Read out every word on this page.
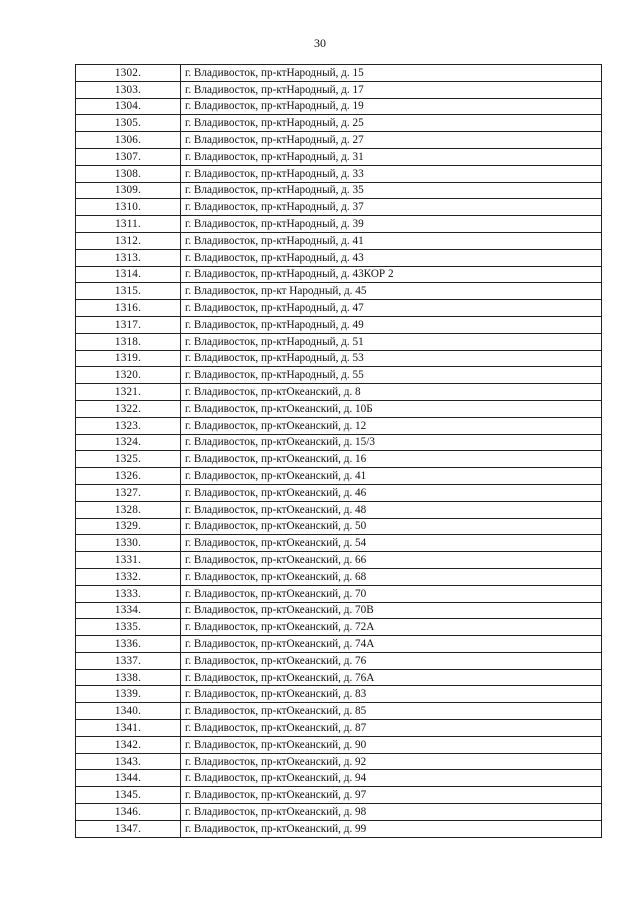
30
1302.	г. Владивосток, пр-ктНародный, д. 15
1303.	г. Владивосток, пр-ктНародный, д. 17
1304.	г. Владивосток, пр-ктНародный, д. 19
1305.	г. Владивосток, пр-ктНародный, д. 25
1306.	г. Владивосток, пр-ктНародный, д. 27
1307.	г. Владивосток, пр-ктНародный, д. 31
1308.	г. Владивосток, пр-ктНародный, д. 33
1309.	г. Владивосток, пр-ктНародный, д. 35
1310.	г. Владивосток, пр-ктНародный, д. 37
1311.	г. Владивосток, пр-ктНародный, д. 39
1312.	г. Владивосток, пр-ктНародный, д. 41
1313.	г. Владивосток, пр-ктНародный, д. 43
1314.	г. Владивосток, пр-ктНародный, д. 43КОР 2
1315.	г. Владивосток, пр-кт Народный, д. 45
1316.	г. Владивосток, пр-ктНародный, д. 47
1317.	г. Владивосток, пр-ктНародный, д. 49
1318.	г. Владивосток, пр-ктНародный, д. 51
1319.	г. Владивосток, пр-ктНародный, д. 53
1320.	г. Владивосток, пр-ктНародный, д. 55
1321.	г. Владивосток, пр-ктОкеанский, д. 8
1322.	г. Владивосток, пр-ктОкеанский, д. 10Б
1323.	г. Владивосток, пр-ктОкеанский, д. 12
1324.	г. Владивосток, пр-ктОкеанский, д. 15/3
1325.	г. Владивосток, пр-ктОкеанский, д. 16
1326.	г. Владивосток, пр-ктОкеанский, д. 41
1327.	г. Владивосток, пр-ктОкеанский, д. 46
1328.	г. Владивосток, пр-ктОкеанский, д. 48
1329.	г. Владивосток, пр-ктОкеанский, д. 50
1330.	г. Владивосток, пр-ктОкеанский, д. 54
1331.	г. Владивосток, пр-ктОкеанский, д. 66
1332.	г. Владивосток, пр-ктОкеанский, д. 68
1333.	г. Владивосток, пр-ктОкеанский, д. 70
1334.	г. Владивосток, пр-ктОкеанский, д. 70В
1335.	г. Владивосток, пр-ктОкеанский, д. 72А
1336.	г. Владивосток, пр-ктОкеанский, д. 74А
1337.	г. Владивосток, пр-ктОкеанский, д. 76
1338.	г. Владивосток, пр-ктОкеанский, д. 76А
1339.	г. Владивосток, пр-ктОкеанский, д. 83
1340.	г. Владивосток, пр-ктОкеанский, д. 85
1341.	г. Владивосток, пр-ктОкеанский, д. 87
1342.	г. Владивосток, пр-ктОкеанский, д. 90
1343.	г. Владивосток, пр-ктОкеанский, д. 92
1344.	г. Владивосток, пр-ктОкеанский, д. 94
1345.	г. Владивосток, пр-ктОкеанский, д. 97
1346.	г. Владивосток, пр-ктОкеанский, д. 98
1347.	г. Владивосток, пр-ктОкеанский, д. 99
